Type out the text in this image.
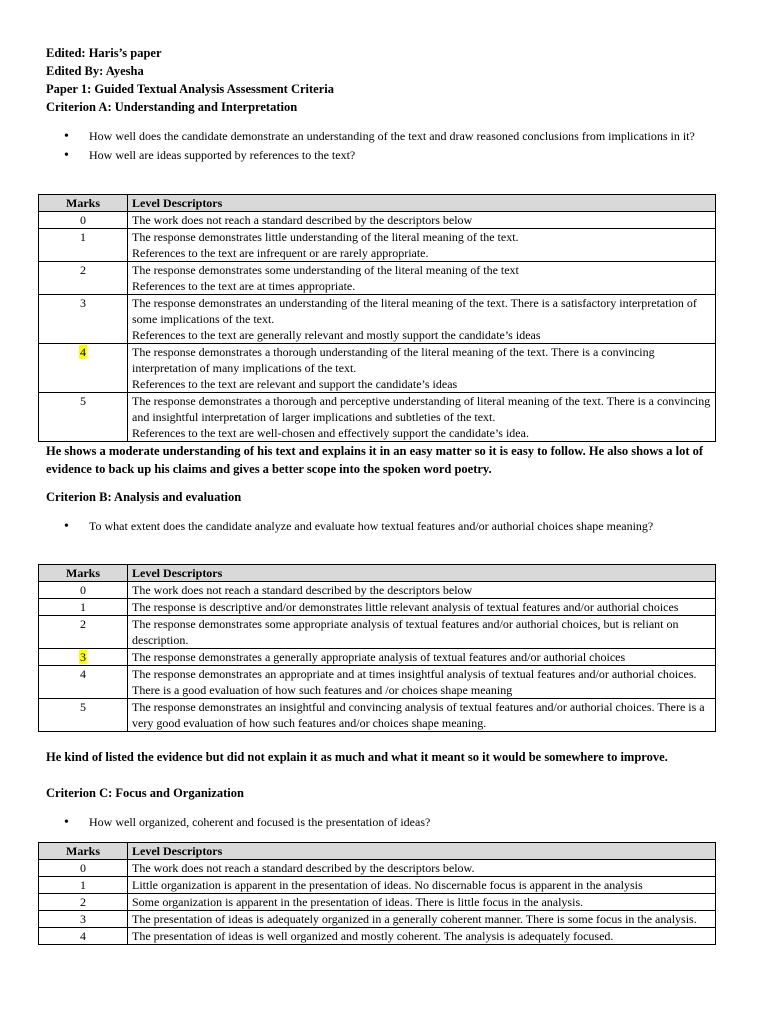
Edited: Haris’s paper

Edited By: Ayesha

Paper 1: Guided Textual Analysis Assessment Criteria

Criterion A: Understanding and Interpretation

• How well does the candidate demonstrate an understanding of the text and draw reasoned conclusions from implications in it?
• How well are ideas supported by references to the text?
Marks	Level Descriptors
0	The work does not reach a standard described by the descriptors below

1	The response demonstrates little understanding of the literal meaning of the text.
References to the text are infrequent or are rarely appropriate.

2	The response demonstrates some understanding of the literal meaning of the text
References to the text are at times appropriate.

3	The response demonstrates an understanding of the literal meaning of the text. There is a satisfactory interpretation of some implications of the text.
References to the text are generally relevant and mostly support the candidate’s ideas

4	The response demonstrates a thorough understanding of the literal meaning of the text. There is a convincing interpretation of many implications of the text.
References to the text are relevant and support the candidate’s ideas

5	The response demonstrates a thorough and perceptive understanding of literal meaning of the text. There is a convincing and insightful interpretation of larger implications and subtleties of the text.
References to the text are well-chosen and effectively support the candidate’s idea.

He shows a moderate understanding of his text and explains it in an easy matter so it is easy to follow. He also shows a lot of evidence to back up his claims and gives a better scope into the spoken word poetry.

Criterion B: Analysis and evaluation

• To what extent does the candidate analyze and evaluate how textual features and/or authorial choices shape meaning?
Marks	Level Descriptors
0	The work does not reach a standard described by the descriptors below

1	The response is descriptive and/or demonstrates little relevant analysis of textual features and/or authorial choices

2	The response demonstrates some appropriate analysis of textual features and/or authorial choices, but is reliant on description.

3	The response demonstrates a generally appropriate analysis of textual features and/or authorial choices

4	The response demonstrates an appropriate and at times insightful analysis of textual features and/or authorial choices. There is a good evaluation of how such features and /or choices shape meaning

5	The response demonstrates an insightful and convincing analysis of textual features and/or authorial choices. There is a very good evaluation of how such features and/or choices shape meaning.

He kind of listed the evidence but did not explain it as much and what it meant so it would be somewhere to improve.

Criterion C: Focus and Organization

• How well organized, coherent and focused is the presentation of ideas?
Marks	Level Descriptors
0	The work does not reach a standard described by the descriptors below.

1	Little organization is apparent in the presentation of ideas. No discernable focus is apparent in the analysis

2	Some organization is apparent in the presentation of ideas. There is little focus in the analysis.

3	The presentation of ideas is adequately organized in a generally coherent manner. There is some focus in the analysis.

4	The presentation of ideas is well organized and mostly coherent. The analysis is adequately focused.
